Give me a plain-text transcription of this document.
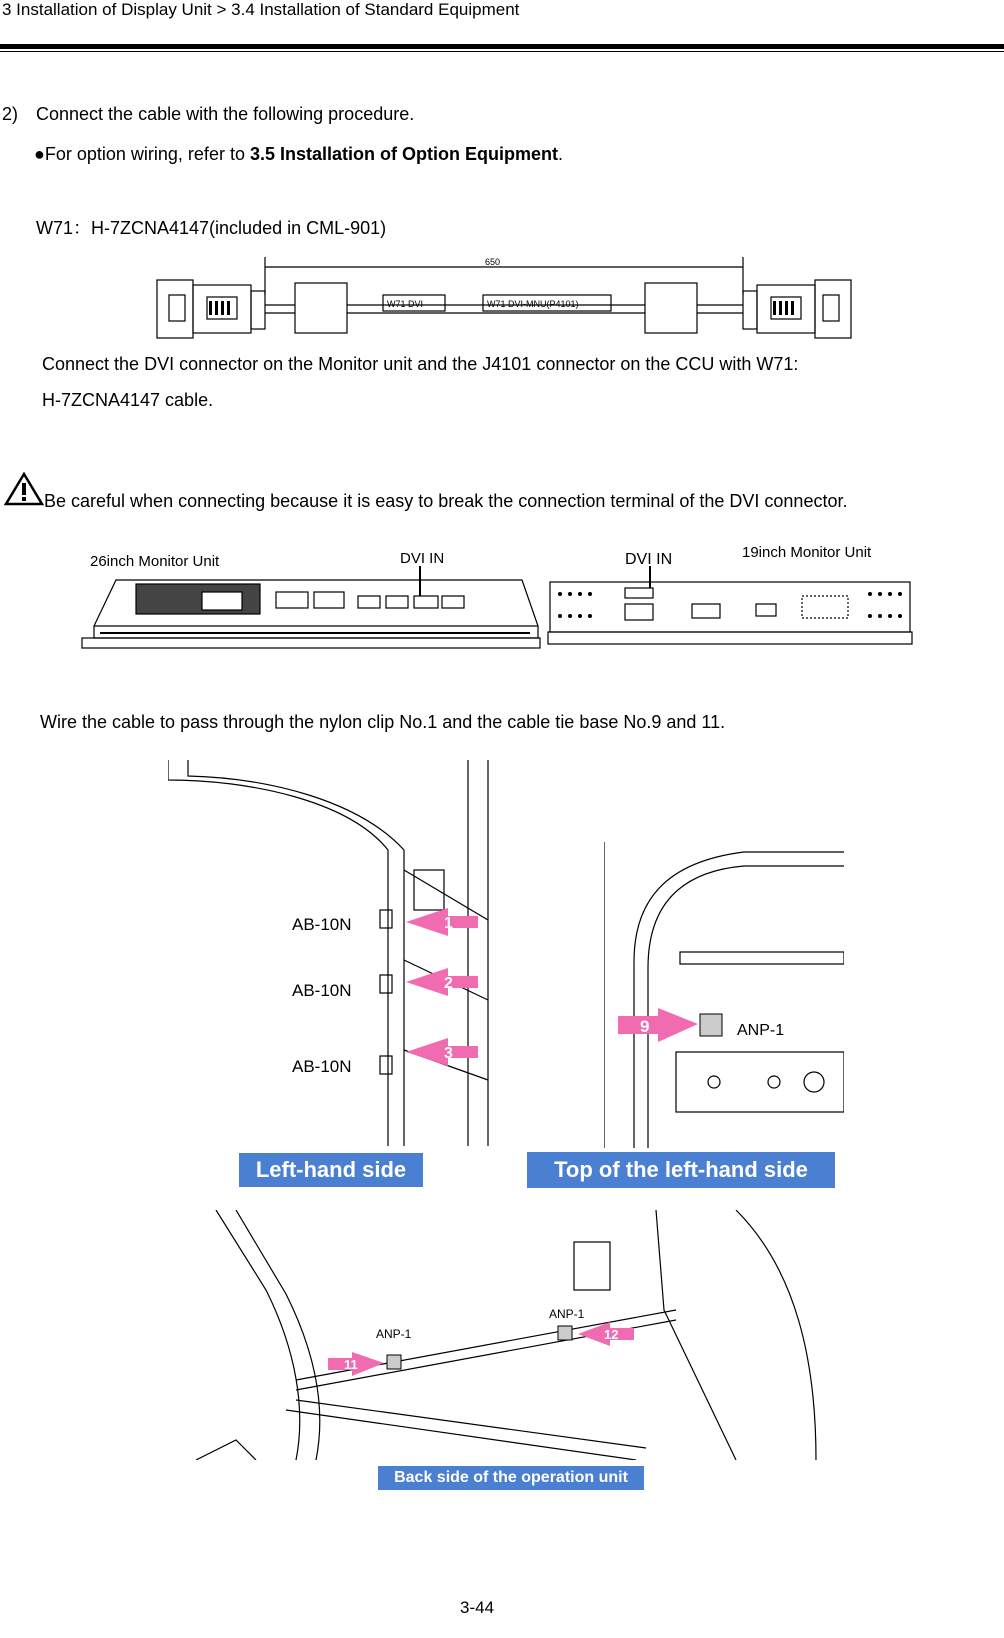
3 Installation of Display Unit > 3.4 Installation of Standard Equipment
2) Connect the cable with the following procedure.
●For option wiring, refer to 3.5 Installation of Option Equipment.
W71：H-7ZCNA4147(included in CML-901)
650
W71 DVI	W71 DVI-MNU(P4101)
Connect the DVI connector on the Monitor unit and the J4101 connector on the CCU with W71:
H-7ZCNA4147 cable.
Be careful when connecting because it is easy to break the connection terminal of the DVI connector.
26inch Monitor Unit	DVI IN	DVI IN	19inch Monitor Unit
Wire the cable to pass through the nylon clip No.1 and the cable tie base No.9 and 11.
1
2
3
AB-10N
AB-10N
AB-10N
9	ANP-1
Left-hand side	Top of the left-hand side
11
12
ANP-1
ANP-1
Back side of the operation unit
3-44
